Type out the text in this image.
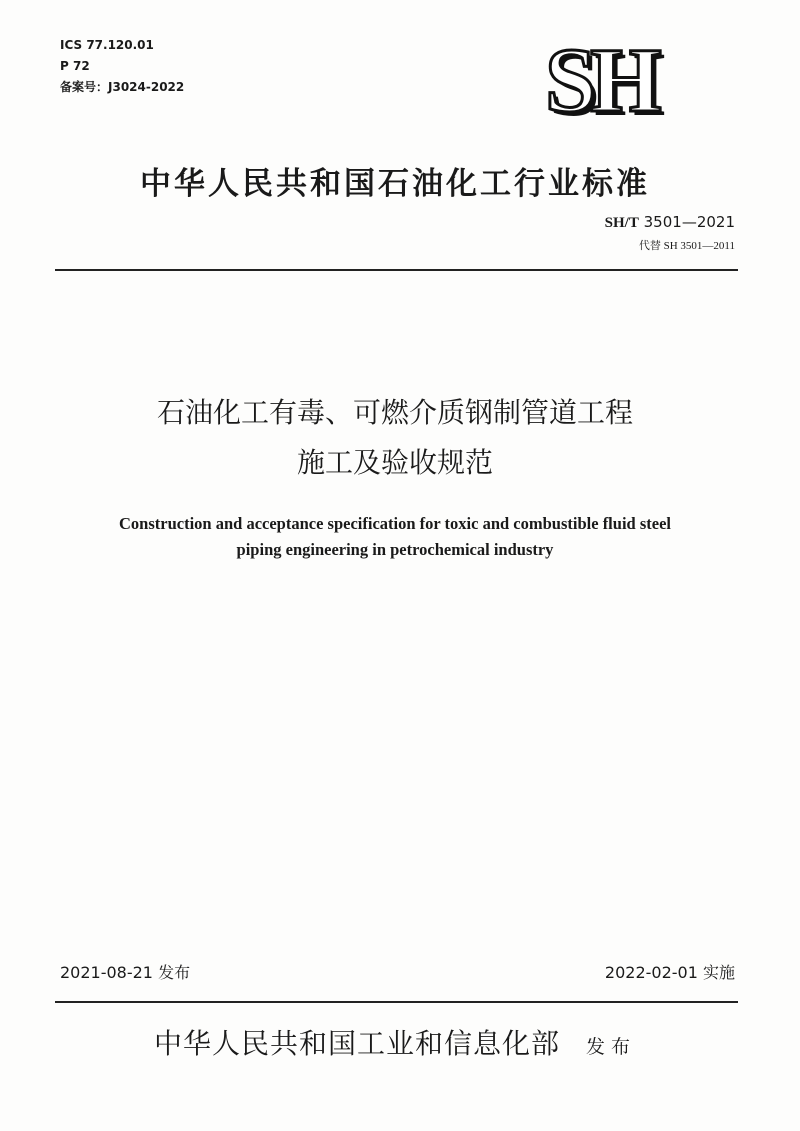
ICS 77.120.01
P 72
备案号：J3024-2022	SH
中华人民共和国石油化工行业标准
SH/T 3501—2021
代替 SH 3501—2011
石油化工有毒、可燃介质钢制管道工程
施工及验收规范
Construction and acceptance specification for toxic and combustible fluid steel
piping engineering in petrochemical industry
2021-08-21 发布	2022-02-01 实施
中华人民共和国工业和信息化部 发布
